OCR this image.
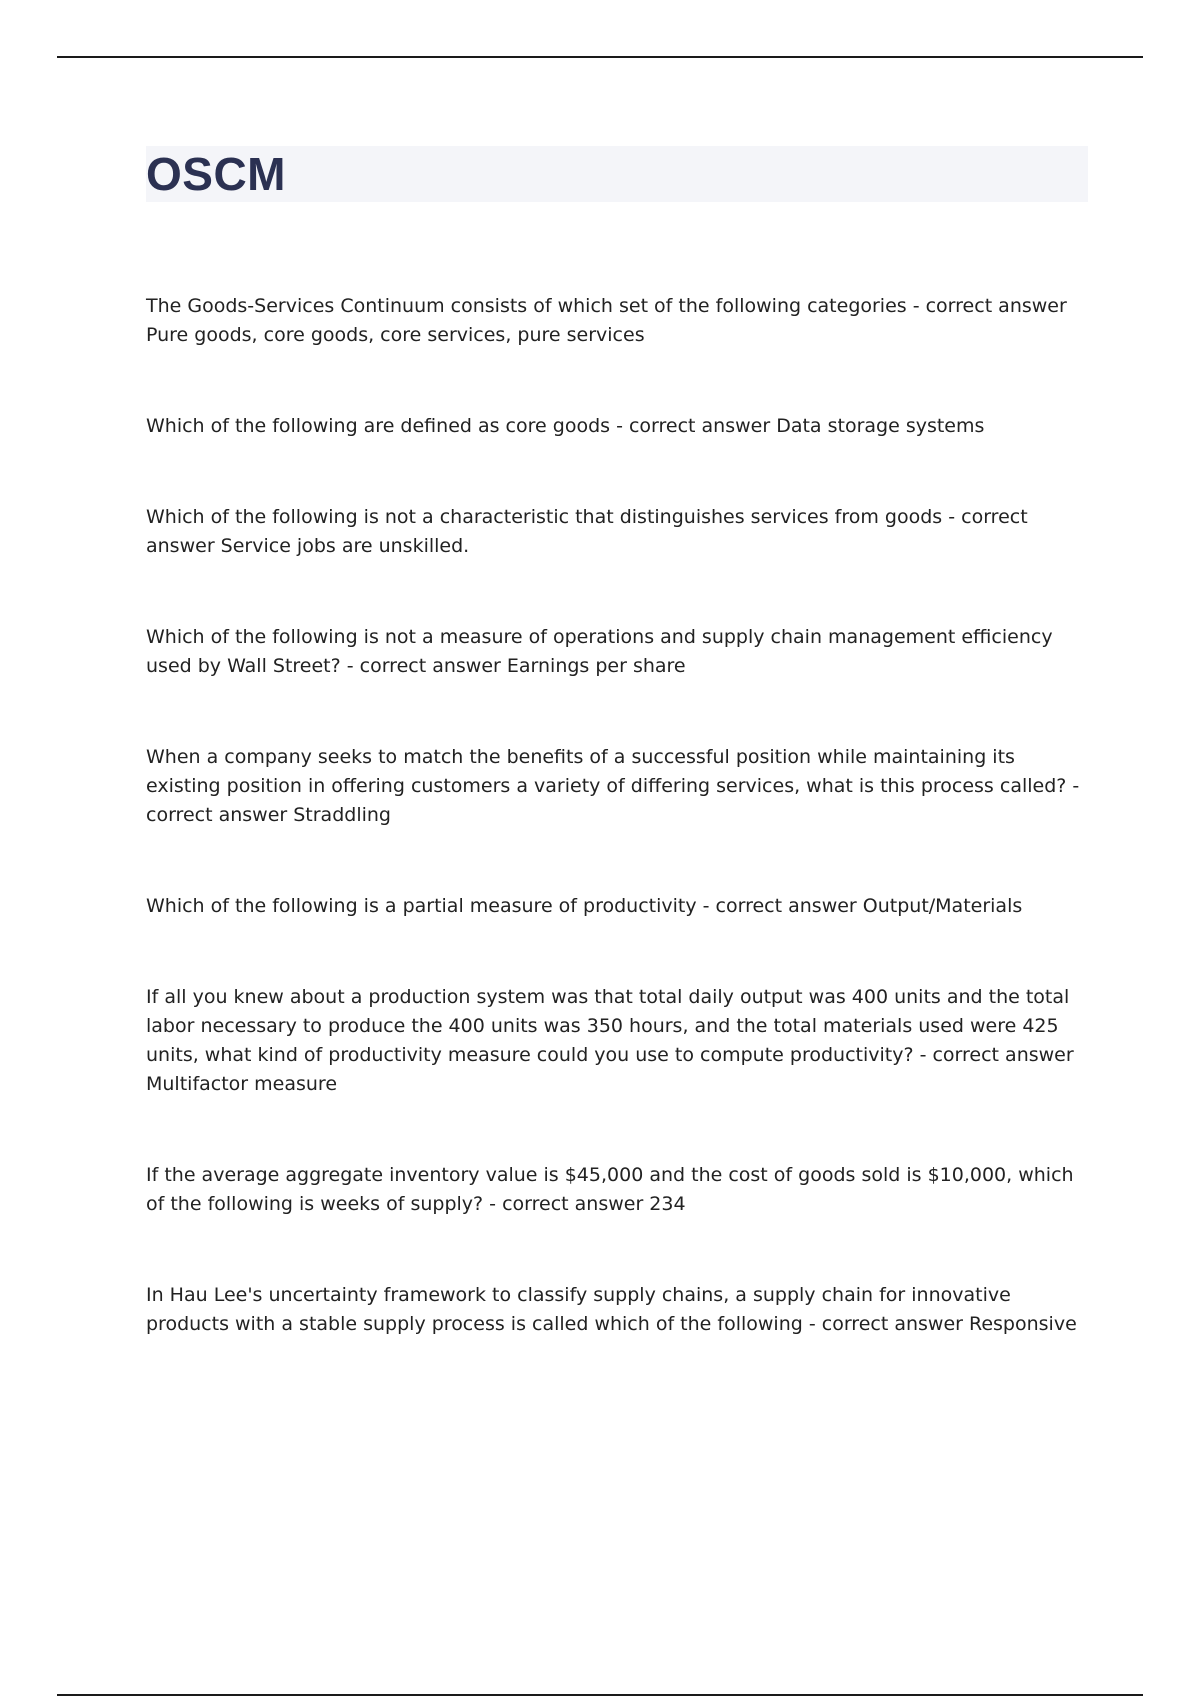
OSCM

The Goods-Services Continuum consists of which set of the following categories - correct answer Pure goods, core goods, core services, pure services

Which of the following are defined as core goods - correct answer Data storage systems

Which of the following is not a characteristic that distinguishes services from goods - correct answer Service jobs are unskilled.

Which of the following is not a measure of operations and supply chain management efficiency used by Wall Street? - correct answer Earnings per share

When a company seeks to match the benefits of a successful position while maintaining its existing position in offering customers a variety of differing services, what is this process called? - correct answer Straddling

Which of the following is a partial measure of productivity - correct answer Output/Materials

If all you knew about a production system was that total daily output was 400 units and the total labor necessary to produce the 400 units was 350 hours, and the total materials used were 425 units, what kind of productivity measure could you use to compute productivity? - correct answer Multifactor measure

If the average aggregate inventory value is $45,000 and the cost of goods sold is $10,000, which of the following is weeks of supply? - correct answer 234

In Hau Lee's uncertainty framework to classify supply chains, a supply chain for innovative products with a stable supply process is called which of the following - correct answer Responsive
